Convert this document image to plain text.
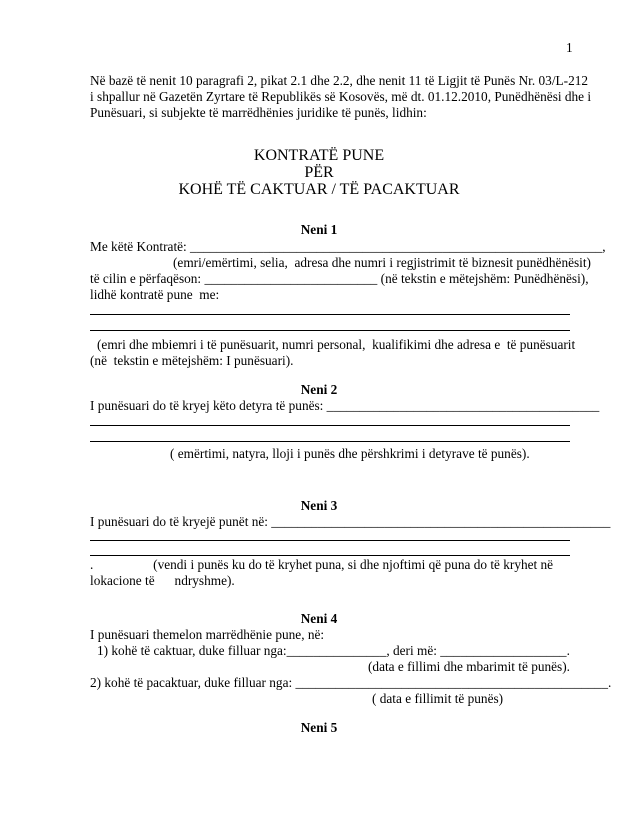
1
Në bazë të nenit 10 paragrafi 2, pikat 2.1 dhe 2.2, dhe nenit 11 të Ligjit të Punës Nr. 03/L-212
i shpallur në Gazetën Zyrtare të Republikës së Kosovës, më dt. 01.12.2010, Punëdhënësi dhe i
Punësuari, si subjekte të marrëdhënies juridike të punës, lidhin:
KONTRATË PUNE
PËR
KOHË TË CAKTUAR / TË PACAKTUAR
Neni 1
Me këtë Kontratë: ______________________________________________________________,
(emri/emërtimi, selia,  adresa dhe numri i regjistrimit të biznesit punëdhënësit)
të cilin e përfaqëson: __________________________ (në tekstin e mëtejshëm: Punëdhënësi),
lidhë kontratë pune  me:
(emri dhe mbiemri i të punësuarit, numri personal,  kualifikimi dhe adresa e  të punësuarit
(në  tekstin e mëtejshëm: I punësuari).
Neni 2
I punësuari do të kryej këto detyra të punës: _________________________________________
( emërtimi, natyra, lloji i punës dhe përshkrimi i detyrave të punës).
Neni 3
I punësuari do të kryejë punët në: ___________________________________________________
.                  (vendi i punës ku do të kryhet puna, si dhe njoftimi që puna do të kryhet në
lokacione të      ndryshme).
Neni 4
I punësuari themelon marrëdhënie pune, në:
1) kohë të caktuar, duke filluar nga:_______________, deri më: ___________________.
(data e fillimi dhe mbarimit të punës).
2) kohë të pacaktuar, duke filluar nga: _______________________________________________.
( data e fillimit të punës)
Neni 5
